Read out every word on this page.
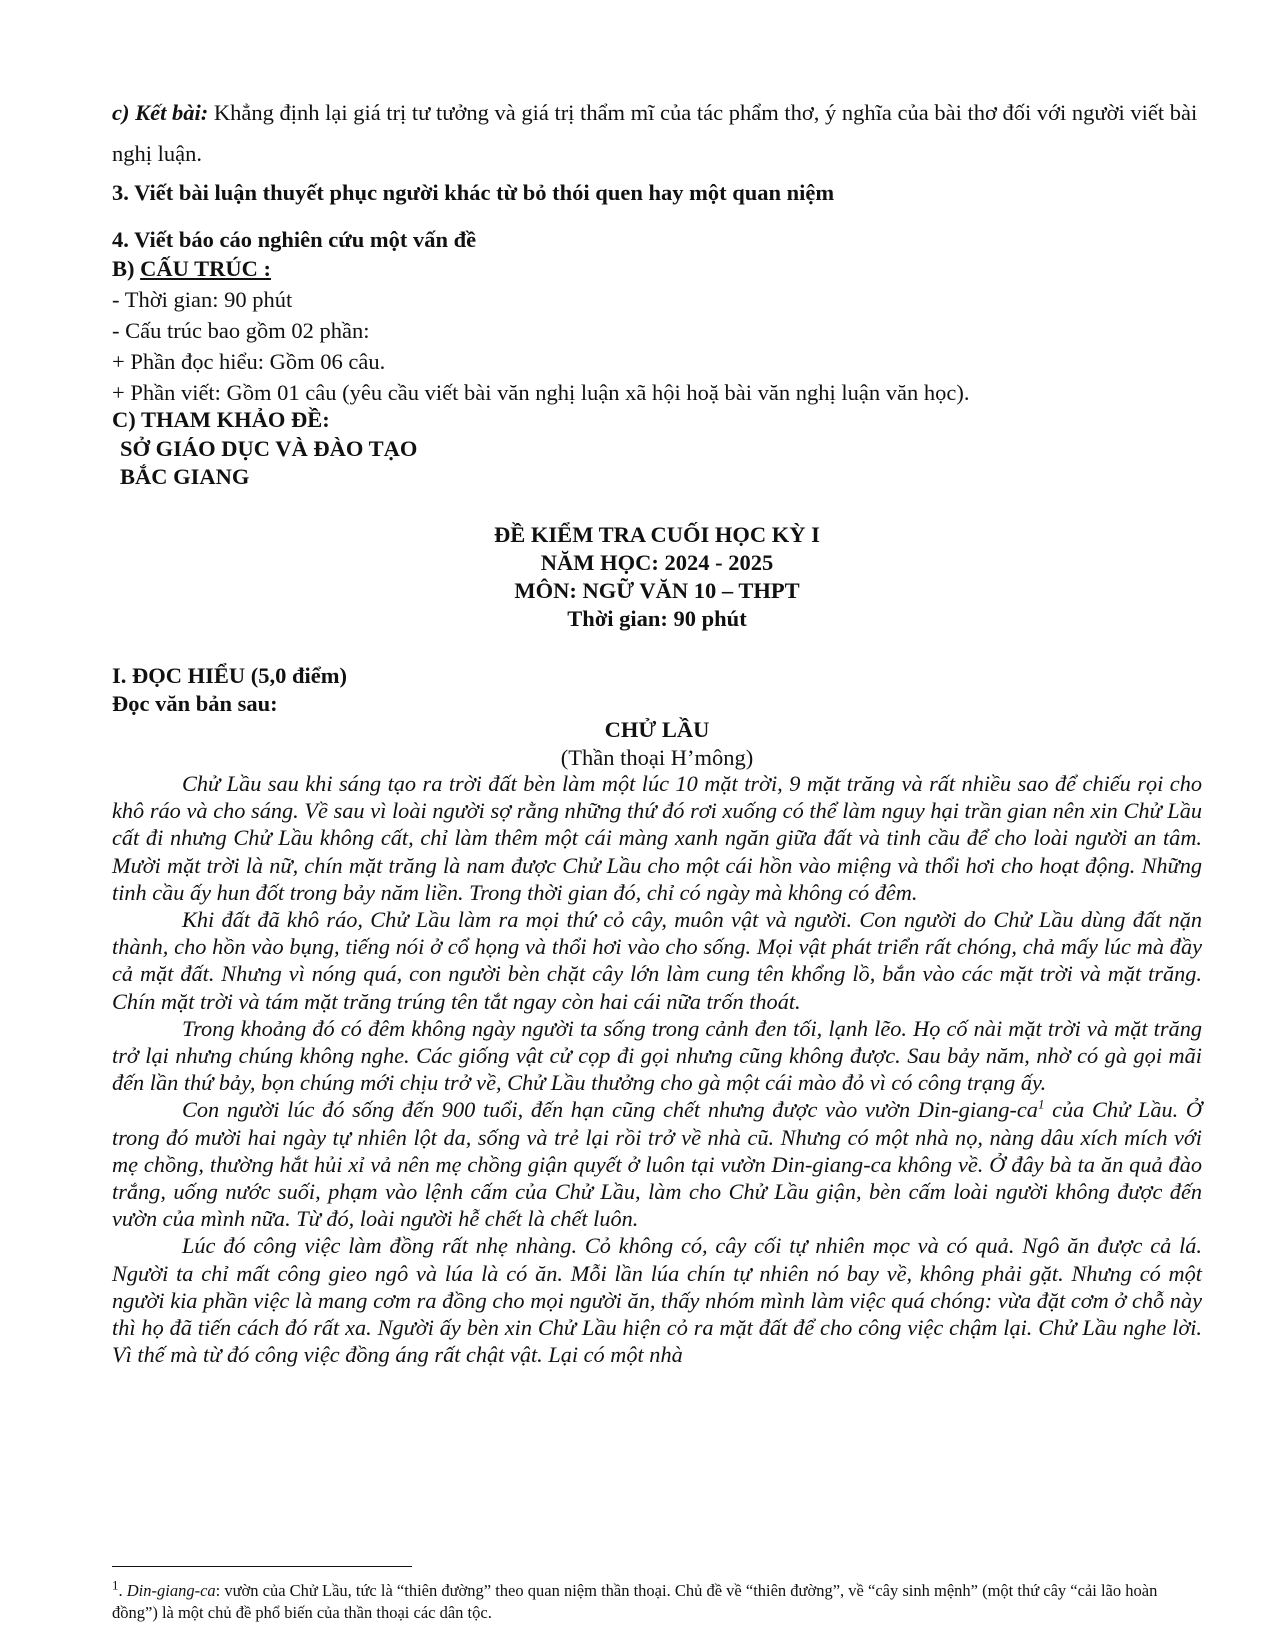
c) Kết bài: Khẳng định lại giá trị tư tưởng và giá trị thẩm mĩ của tác phẩm thơ, ý nghĩa của bài thơ đối với người viết bài nghị luận.
3. Viết bài luận thuyết phục người khác từ bỏ thói quen hay một quan niệm
4. Viết báo cáo nghiên cứu một vấn đề
B) CẤU TRÚC :
- Thời gian: 90 phút
- Cấu trúc bao gồm 02 phần:
+ Phần đọc hiểu: Gồm 06 câu.
+ Phần viết: Gồm 01 câu (yêu cầu viết bài văn nghị luận xã hội hoặ bài văn nghị luận văn học).
C) THAM KHẢO ĐỀ:
SỞ GIÁO DỤC VÀ ĐÀO TẠO
BẮC GIANG
ĐỀ KIỂM TRA CUỐI HỌC KỲ I
NĂM HỌC: 2024 - 2025
MÔN: NGỮ VĂN 10 – THPT
Thời gian: 90 phút
I. ĐỌC HIỂU (5,0 điểm)
Đọc văn bản sau:
CHỬ LẦU
(Thần thoại H’mông)
Chử Lầu sau khi sáng tạo ra trời đất bèn làm một lúc 10 mặt trời, 9 mặt trăng và rất nhiều sao để chiếu rọi cho khô ráo và cho sáng. Về sau vì loài người sợ rằng những thứ đó rơi xuống có thể làm nguy hại trần gian nên xin Chử Lầu cất đi nhưng Chử Lầu không cất, chỉ làm thêm một cái màng xanh ngăn giữa đất và tinh cầu để cho loài người an tâm. Mười mặt trời là nữ, chín mặt trăng là nam được Chử Lầu cho một cái hồn vào miệng và thổi hơi cho hoạt động. Những tinh cầu ấy hun đốt trong bảy năm liền. Trong thời gian đó, chỉ có ngày mà không có đêm.
Khi đất đã khô ráo, Chử Lầu làm ra mọi thứ cỏ cây, muôn vật và người. Con người do Chử Lầu dùng đất nặn thành, cho hồn vào bụng, tiếng nói ở cổ họng và thổi hơi vào cho sống. Mọi vật phát triển rất chóng, chả mấy lúc mà đầy cả mặt đất. Nhưng vì nóng quá, con người bèn chặt cây lớn làm cung tên khổng lồ, bắn vào các mặt trời và mặt trăng. Chín mặt trời và tám mặt trăng trúng tên tắt ngay còn hai cái nữa trốn thoát.
Trong khoảng đó có đêm không ngày người ta sống trong cảnh đen tối, lạnh lẽo. Họ cố nài mặt trời và mặt trăng trở lại nhưng chúng không nghe. Các giống vật cử cọp đi gọi nhưng cũng không được. Sau bảy năm, nhờ có gà gọi mãi đến lần thứ bảy, bọn chúng mới chịu trở về, Chử Lầu thưởng cho gà một cái mào đỏ vì có công trạng ấy.
Con người lúc đó sống đến 900 tuổi, đến hạn cũng chết nhưng được vào vườn Din-$giang-ca^1$ của Chử Lầu. Ở trong đó mười hai ngày tự nhiên lột da, sống và trẻ lại rồi trở về nhà cũ. Nhưng có một nhà nọ, nàng dâu xích mích với mẹ chồng, thường hắt hủi xỉ vả nên mẹ chồng giận quyết ở luôn tại vườn Din-giang-ca không về. Ở đây bà ta ăn quả đào trắng, uống nước suối, phạm vào lệnh cấm của Chử Lầu, làm cho Chử Lầu giận, bèn cấm loài người không được đến vườn của mình nữa. Từ đó, loài người hễ chết là chết luôn.
Lúc đó công việc làm đồng rất nhẹ nhàng. Cỏ không có, cây cối tự nhiên mọc và có quả. Ngô ăn được cả lá. Người ta chỉ mất công gieo ngô và lúa là có ăn. Mỗi lần lúa chín tự nhiên nó bay về, không phải gặt. Nhưng có một người kia phần việc là mang cơm ra đồng cho mọi người ăn, thấy nhóm mình làm việc quá chóng: vừa đặt cơm ở chỗ này thì họ đã tiến cách đó rất xa. Người ấy bèn xin Chử Lầu hiện cỏ ra mặt đất để cho công việc chậm lại. Chử Lầu nghe lời. Vì thế mà từ đó công việc đồng áng rất chật vật. Lại có một nhà
$^1$. Din-giang-ca: vườn của Chử Lầu, tức là “thiên đường” theo quan niệm thần thoại. Chủ đề về “thiên đường”, về “cây sinh mệnh” (một thứ cây “cải lão hoàn đồng”) là một chủ đề phổ biến của thần thoại các dân tộc.
